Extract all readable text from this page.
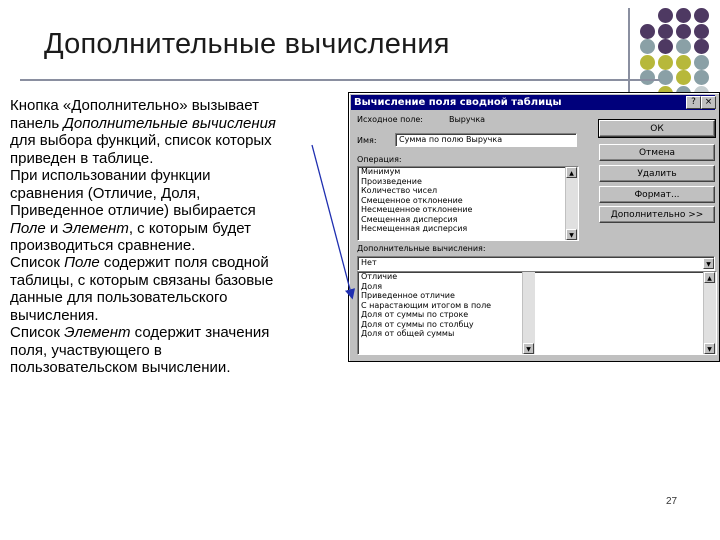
Дополнительные вычисления
Кнопка «Дополнительно» вызывает
панель Дополнительные вычисления
для выбора функций, список которых
приведен в таблице.
При использовании функции
сравнения (Отличие, Доля,
Приведенное отличие) выбирается
Поле и Элемент, с которым будет
производиться сравнение.
Список Поле содержит поля сводной
таблицы, с которым связаны базовые
данные для пользовательского
вычисления.
Список Элемент содержит значения
поля, участвующего в
пользовательском вычислении.
Вычисление поля сводной таблицы	? ×
Исходное поле:	Выручка
Имя:	Сумма по полю Выручка
Операция:
Минимум
Произведение
Количество чисел
Смещенное отклонение
Несмещенное отклонение
Смещенная дисперсия
Несмещенная дисперсия
▲
▼
ОК
Отмена
Удалить
Формат...
Дополнительно >>
Дополнительные вычисления:
Нет	▼
Отличие
Доля
Приведенное отличие
С нарастающим итогом в поле
Доля от суммы по строке
Доля от суммы по столбцу
Доля от общей суммы
▼
▲
▼
27
